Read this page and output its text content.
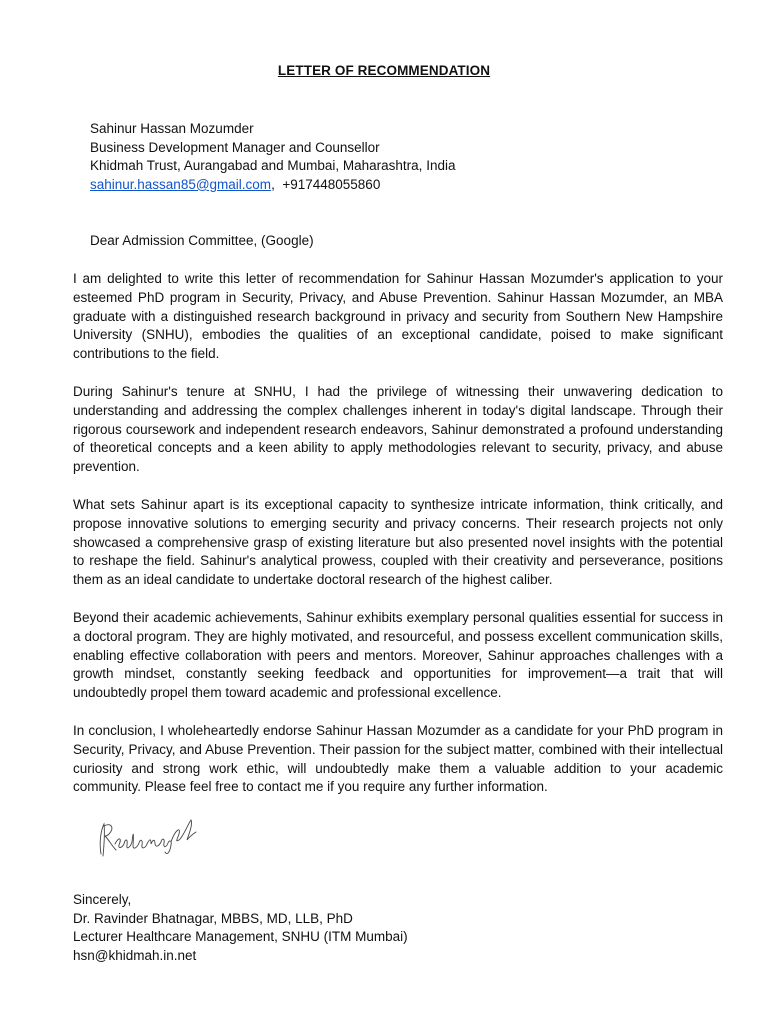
LETTER OF RECOMMENDATION
Sahinur Hassan Mozumder
Business Development Manager and Counsellor
Khidmah Trust, Aurangabad and Mumbai, Maharashtra, India
sahinur.hassan85@gmail.com, +917448055860
Dear Admission Committee, (Google)

I am delighted to write this letter of recommendation for Sahinur Hassan Mozumder's application to your esteemed PhD program in Security, Privacy, and Abuse Prevention. Sahinur Hassan Mozumder, an MBA graduate with a distinguished research background in privacy and security from Southern New Hampshire University (SNHU), embodies the qualities of an exceptional candidate, poised to make significant contributions to the field.

During Sahinur's tenure at SNHU, I had the privilege of witnessing their unwavering dedication to understanding and addressing the complex challenges inherent in today's digital landscape. Through their rigorous coursework and independent research endeavors, Sahinur demonstrated a profound understanding of theoretical concepts and a keen ability to apply methodologies relevant to security, privacy, and abuse prevention.

What sets Sahinur apart is its exceptional capacity to synthesize intricate information, think critically, and propose innovative solutions to emerging security and privacy concerns. Their research projects not only showcased a comprehensive grasp of existing literature but also presented novel insights with the potential to reshape the field. Sahinur's analytical prowess, coupled with their creativity and perseverance, positions them as an ideal candidate to undertake doctoral research of the highest caliber.

Beyond their academic achievements, Sahinur exhibits exemplary personal qualities essential for success in a doctoral program. They are highly motivated, and resourceful, and possess excellent communication skills, enabling effective collaboration with peers and mentors. Moreover, Sahinur approaches challenges with a growth mindset, constantly seeking feedback and opportunities for improvement—a trait that will undoubtedly propel them toward academic and professional excellence.

In conclusion, I wholeheartedly endorse Sahinur Hassan Mozumder as a candidate for your PhD program in Security, Privacy, and Abuse Prevention. Their passion for the subject matter, combined with their intellectual curiosity and strong work ethic, will undoubtedly make them a valuable addition to your academic community. Please feel free to contact me if you require any further information.

Sincerely,
Dr. Ravinder Bhatnagar, MBBS, MD, LLB, PhD
Lecturer Healthcare Management, SNHU (ITM Mumbai)
hsn@khidmah.in.net
